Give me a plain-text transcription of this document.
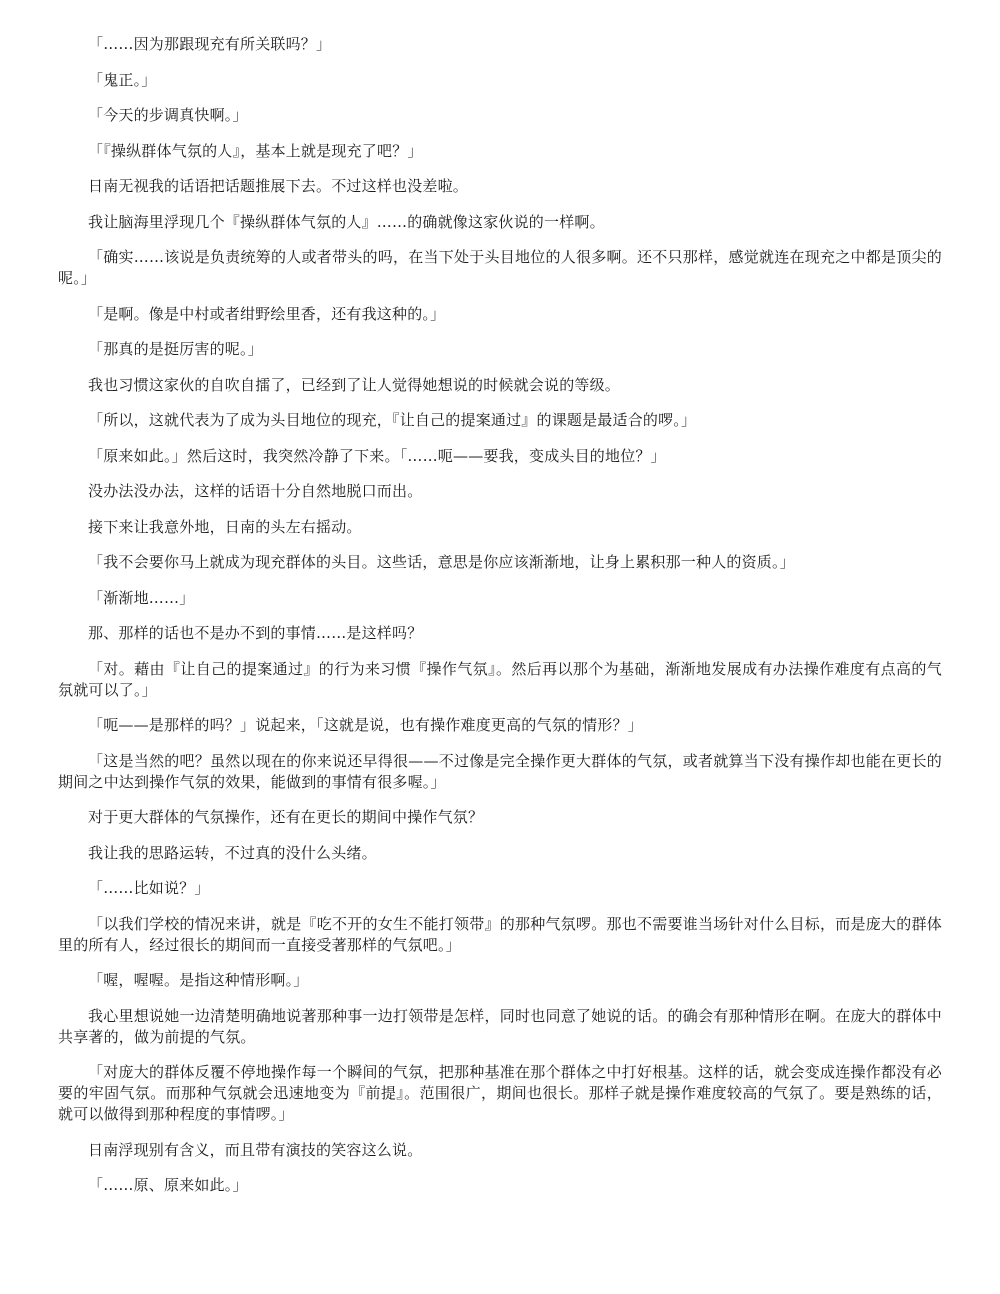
「……因为那跟现充有所关联吗？」

「鬼正。」

「今天的步调真快啊。」

「『操纵群体气氛的人』，基本上就是现充了吧？」

日南无视我的话语把话题推展下去。不过这样也没差啦。

我让脑海里浮现几个『操纵群体气氛的人』……的确就像这家伙说的一样啊。

「确实……该说是负责统筹的人或者带头的吗，在当下处于头目地位的人很多啊。还不只那样，感觉就连在现充之中都是顶尖的呢。」

「是啊。像是中村或者绀野绘里香，还有我这种的。」

「那真的是挺厉害的呢。」

我也习惯这家伙的自吹自擂了，已经到了让人觉得她想说的时候就会说的等级。

「所以，这就代表为了成为头目地位的现充，『让自己的提案通过』的课题是最适合的啰。」

「原来如此。」然后这时，我突然冷静了下来。「……呃——要我，变成头目的地位？」

没办法没办法，这样的话语十分自然地脱口而出。

接下来让我意外地，日南的头左右摇动。

「我不会要你马上就成为现充群体的头目。这些话，意思是你应该渐渐地，让身上累积那一种人的资质。」

「渐渐地……」

那、那样的话也不是办不到的事情……是这样吗？

「对。藉由『让自己的提案通过』的行为来习惯『操作气氛』。然后再以那个为基础，渐渐地发展成有办法操作难度有点高的气氛就可以了。」

「呃——是那样的吗？」说起来，「这就是说，也有操作难度更高的气氛的情形？」

「这是当然的吧？虽然以现在的你来说还早得很——不过像是完全操作更大群体的气氛，或者就算当下没有操作却也能在更长的期间之中达到操作气氛的效果，能做到的事情有很多喔。」

对于更大群体的气氛操作，还有在更长的期间中操作气氛？

我让我的思路运转，不过真的没什么头绪。

「……比如说？」

「以我们学校的情况来讲，就是『吃不开的女生不能打领带』的那种气氛啰。那也不需要谁当场针对什么目标，而是庞大的群体里的所有人，经过很长的期间而一直接受著那样的气氛吧。」

「喔，喔喔。是指这种情形啊。」

我心里想说她一边清楚明确地说著那种事一边打领带是怎样，同时也同意了她说的话。的确会有那种情形在啊。在庞大的群体中共享著的，做为前提的气氛。

「对庞大的群体反覆不停地操作每一个瞬间的气氛，把那种基准在那个群体之中打好根基。这样的话，就会变成连操作都没有必要的牢固气氛。而那种气氛就会迅速地变为『前提』。范围很广，期间也很长。那样子就是操作难度较高的气氛了。要是熟练的话，就可以做得到那种程度的事情啰。」

日南浮现别有含义，而且带有演技的笑容这么说。

「……原、原来如此。」
